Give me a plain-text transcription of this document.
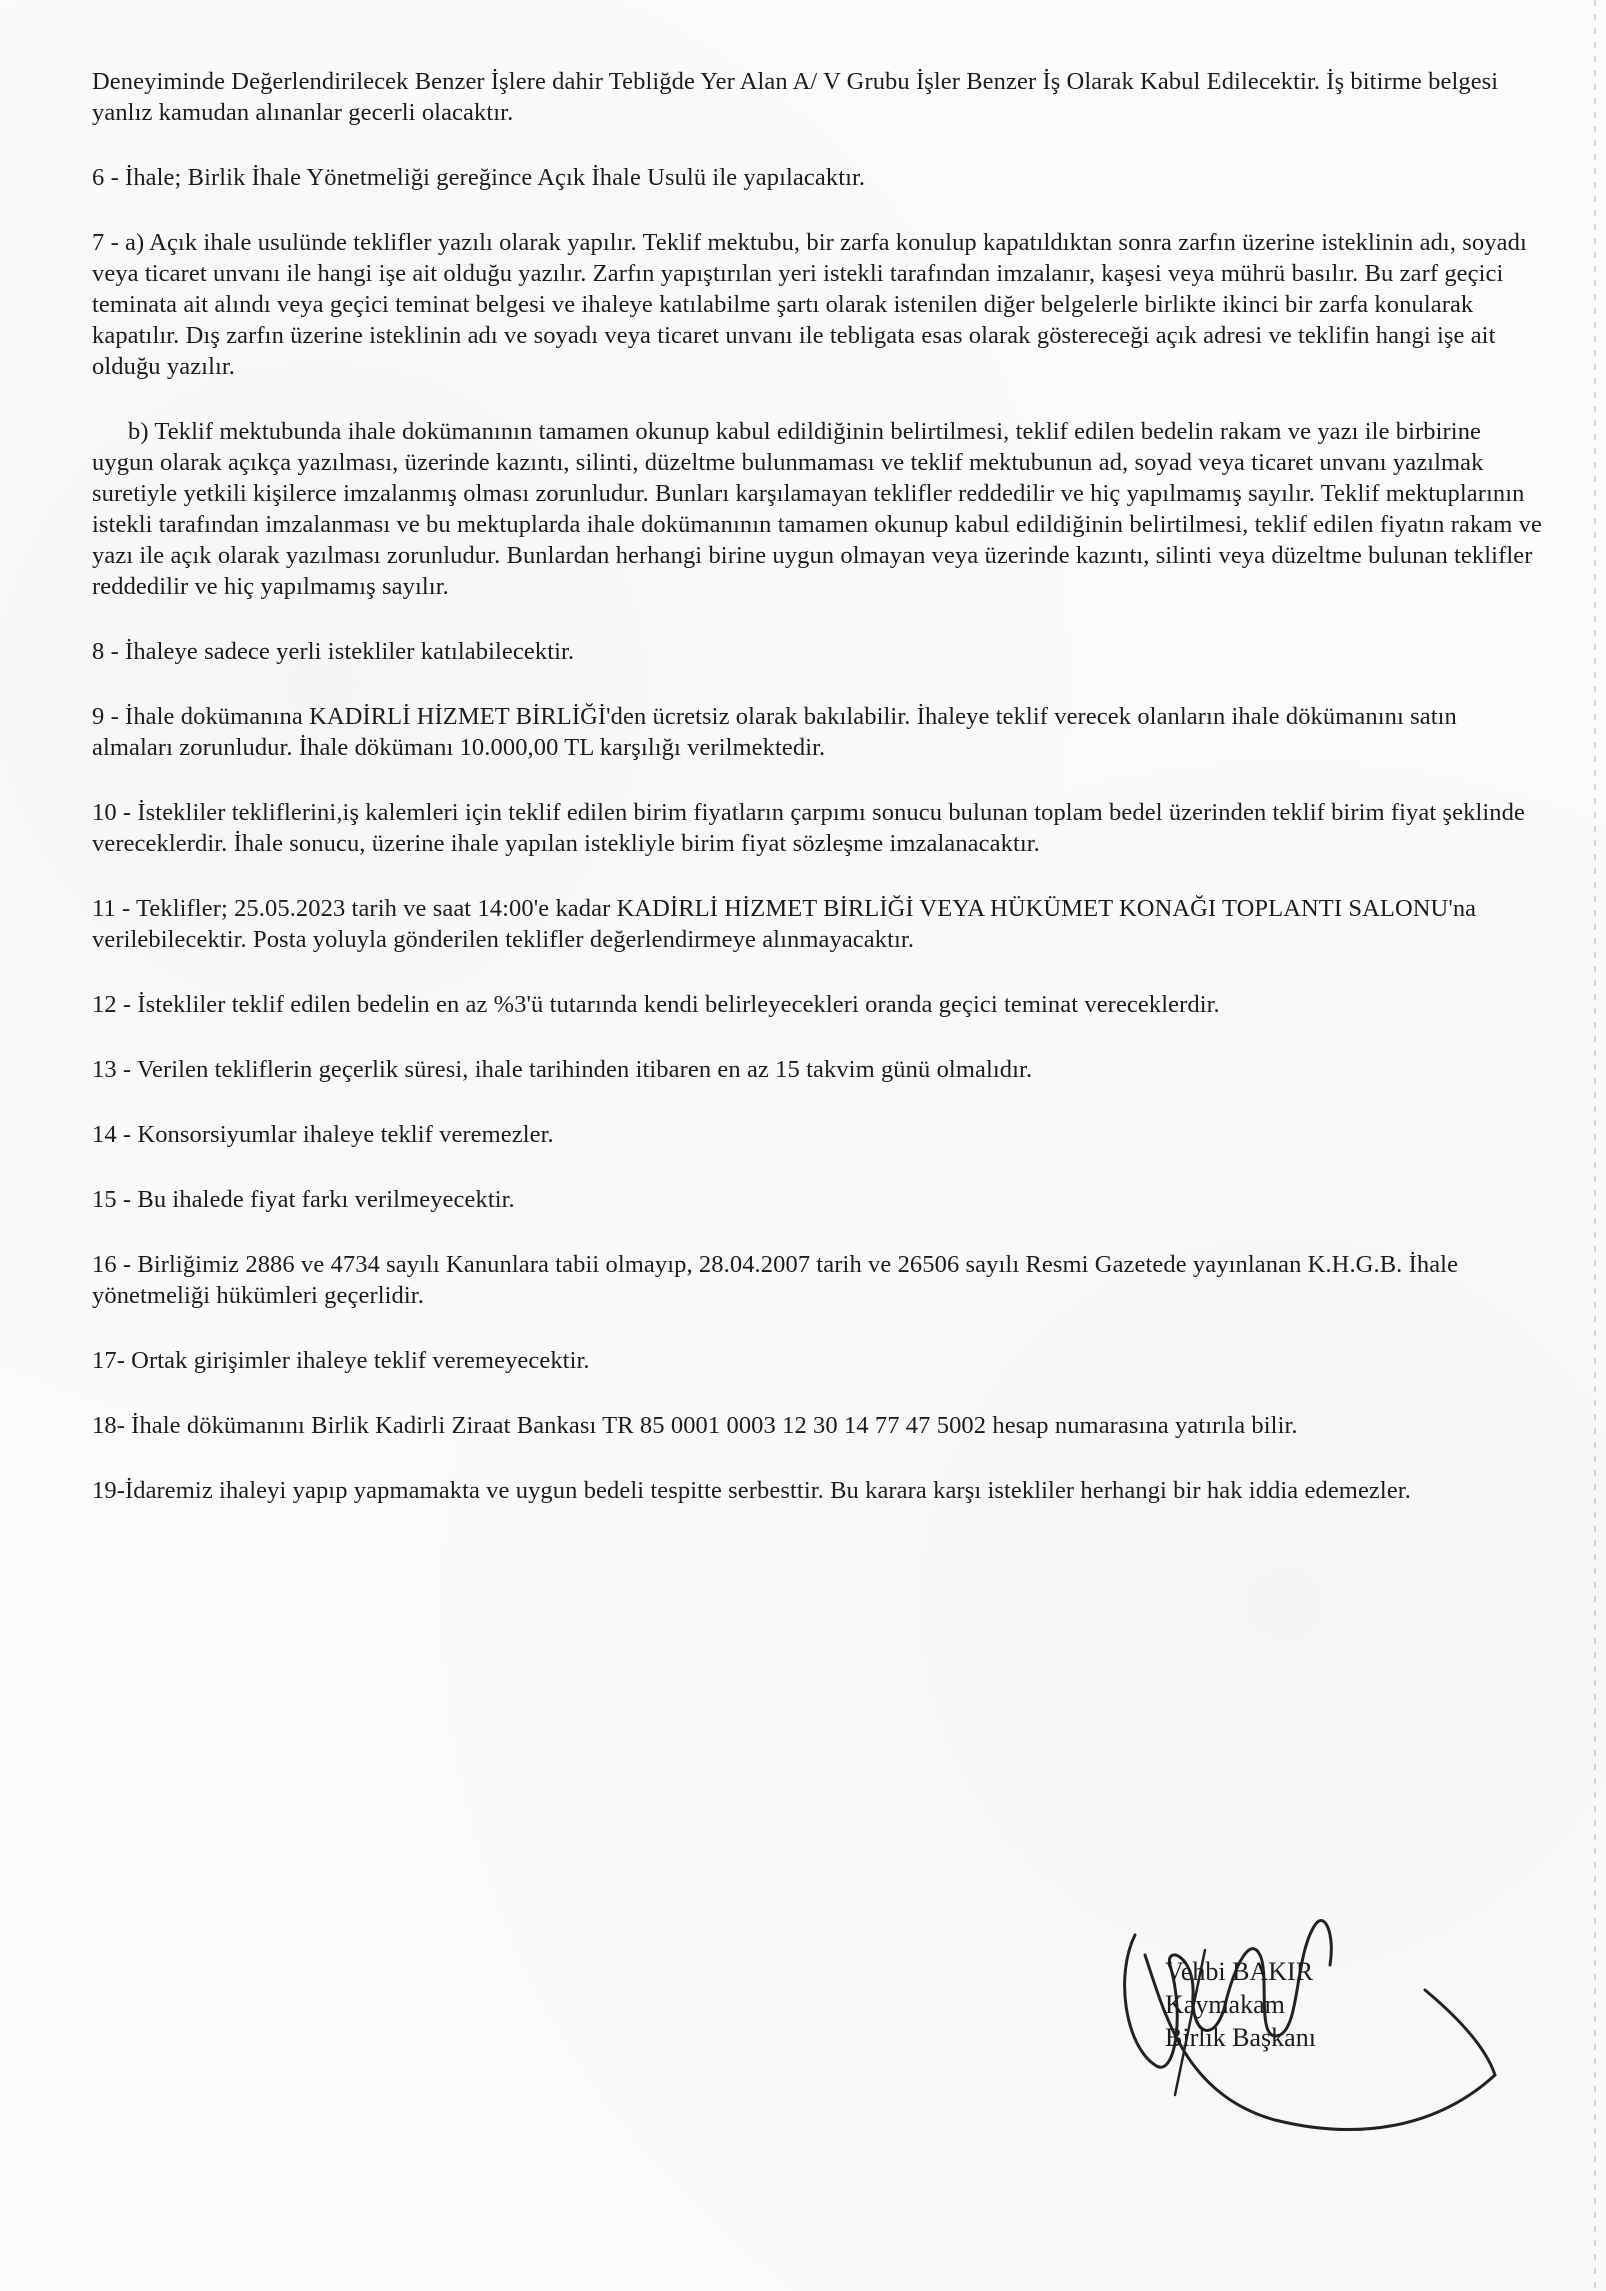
Deneyiminde Değerlendirilecek Benzer İşlere dahir Tebliğde Yer Alan A/ V Grubu İşler Benzer İş Olarak Kabul Edilecektir. İş bitirme belgesi yanlız kamudan alınanlar gecerli olacaktır.

6 - İhale; Birlik İhale Yönetmeliği gereğince Açık İhale Usulü ile yapılacaktır.

7 - a) Açık ihale usulünde teklifler yazılı olarak yapılır. Teklif mektubu, bir zarfa konulup kapatıldıktan sonra zarfın üzerine isteklinin adı, soyadı veya ticaret unvanı ile hangi işe ait olduğu yazılır. Zarfın yapıştırılan yeri istekli tarafından imzalanır, kaşesi veya mührü basılır. Bu zarf geçici teminata ait alındı veya geçici teminat belgesi ve ihaleye katılabilme şartı olarak istenilen diğer belgelerle birlikte ikinci bir zarfa konularak kapatılır. Dış zarfın üzerine isteklinin adı ve soyadı veya ticaret unvanı ile tebligata esas olarak göstereceği açık adresi ve teklifin hangi işe ait olduğu yazılır.

b) Teklif mektubunda ihale dokümanının tamamen okunup kabul edildiğinin belirtilmesi, teklif edilen bedelin rakam ve yazı ile birbirine uygun olarak açıkça yazılması, üzerinde kazıntı, silinti, düzeltme bulunmaması ve teklif mektubunun ad, soyad veya ticaret unvanı yazılmak suretiyle yetkili kişilerce imzalanmış olması zorunludur. Bunları karşılamayan teklifler reddedilir ve hiç yapılmamış sayılır. Teklif mektuplarının istekli tarafından imzalanması ve bu mektuplarda ihale dokümanının tamamen okunup kabul edildiğinin belirtilmesi, teklif edilen fiyatın rakam ve yazı ile açık olarak yazılması zorunludur. Bunlardan herhangi birine uygun olmayan veya üzerinde kazıntı, silinti veya düzeltme bulunan teklifler reddedilir ve hiç yapılmamış sayılır.

8 - İhaleye sadece yerli istekliler katılabilecektir.

9 - İhale dokümanına KADİRLİ HİZMET BİRLİĞİ'den ücretsiz olarak bakılabilir. İhaleye teklif verecek olanların ihale dökümanını satın almaları zorunludur. İhale dökümanı 10.000,00 TL karşılığı verilmektedir.

10 - İstekliler tekliflerini,iş kalemleri için teklif edilen birim fiyatların çarpımı sonucu bulunan toplam bedel üzerinden teklif birim fiyat şeklinde vereceklerdir. İhale sonucu, üzerine ihale yapılan istekliyle birim fiyat sözleşme imzalanacaktır.

11 - Teklifler; 25.05.2023 tarih ve saat 14:00'e kadar KADİRLİ HİZMET BİRLİĞİ VEYA HÜKÜMET KONAĞI TOPLANTI SALONU'na verilebilecektir. Posta yoluyla gönderilen teklifler değerlendirmeye alınmayacaktır.

12 - İstekliler teklif edilen bedelin en az %3'ü tutarında kendi belirleyecekleri oranda geçici teminat vereceklerdir.

13 - Verilen tekliflerin geçerlik süresi, ihale tarihinden itibaren en az 15 takvim günü olmalıdır.

14 - Konsorsiyumlar ihaleye teklif veremezler.

15 - Bu ihalede fiyat farkı verilmeyecektir.

16 - Birliğimiz 2886 ve 4734 sayılı Kanunlara tabii olmayıp, 28.04.2007 tarih ve 26506 sayılı Resmi Gazetede yayınlanan K.H.G.B. İhale yönetmeliği hükümleri geçerlidir.

17- Ortak girişimler ihaleye teklif veremeyecektir.

18- İhale dökümanını Birlik Kadirli Ziraat Bankası TR 85 0001 0003 12 30 14 77 47 5002 hesap numarasına yatırıla bilir.

19-İdaremiz ihaleyi yapıp yapmamakta ve uygun bedeli tespitte serbesttir. Bu karara karşı istekliler herhangi bir hak iddia edemezler.

Vehbi BAKIR
Kaymakam
Birlik Başkanı
